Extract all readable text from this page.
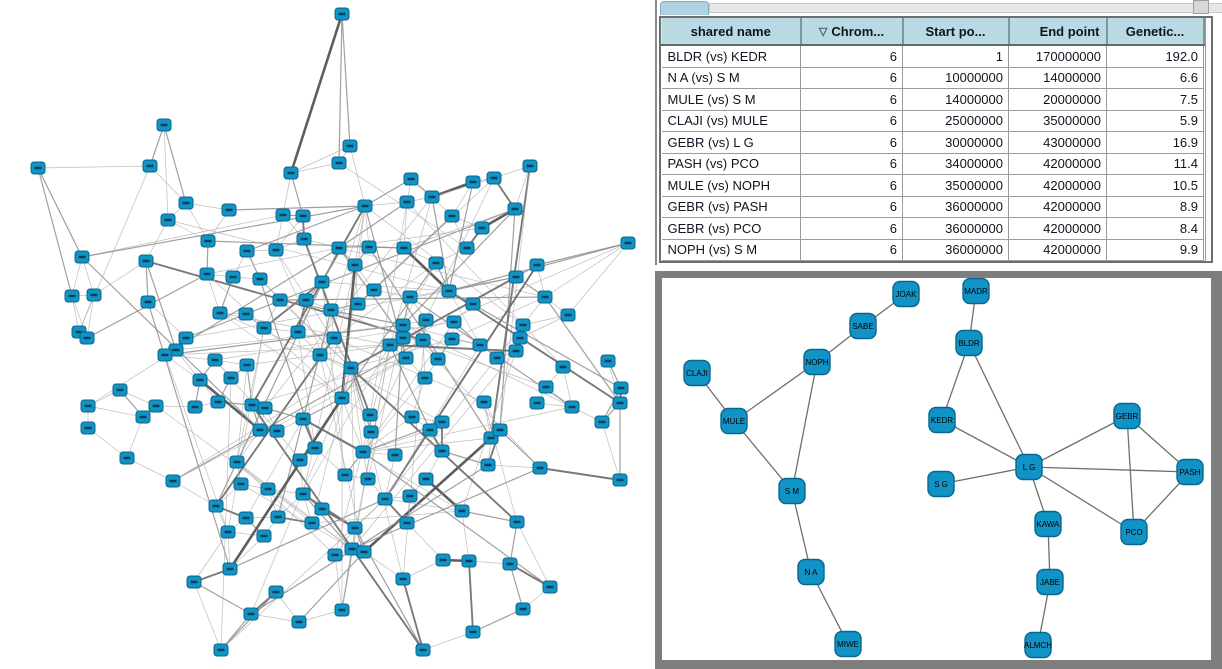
shared name	▽ Chrom...	Start po...	End point	Genetic...
BLDR (vs) KEDR	6	1	170000000	192.0
N A (vs) S M	6	10000000	14000000	6.6
MULE (vs) S M	6	14000000	20000000	7.5
CLAJI (vs) MULE	6	25000000	35000000	5.9
GEBR (vs) L G	6	30000000	43000000	16.9
PASH (vs) PCO	6	34000000	42000000	11.4
MULE (vs) NOPH	6	35000000	42000000	10.5
GEBR (vs) PASH	6	36000000	42000000	8.9
GEBR (vs) PCO	6	36000000	42000000	8.4
NOPH (vs) S M	6	36000000	42000000	9.9
JOAK
SABE
NOPH
CLAJI
MULE
S M
N A
MIWE
MADR
BLDR
KEDR
S G
L G
GEBR
PASH
PCO
KAWA
JABE
ALMCH
